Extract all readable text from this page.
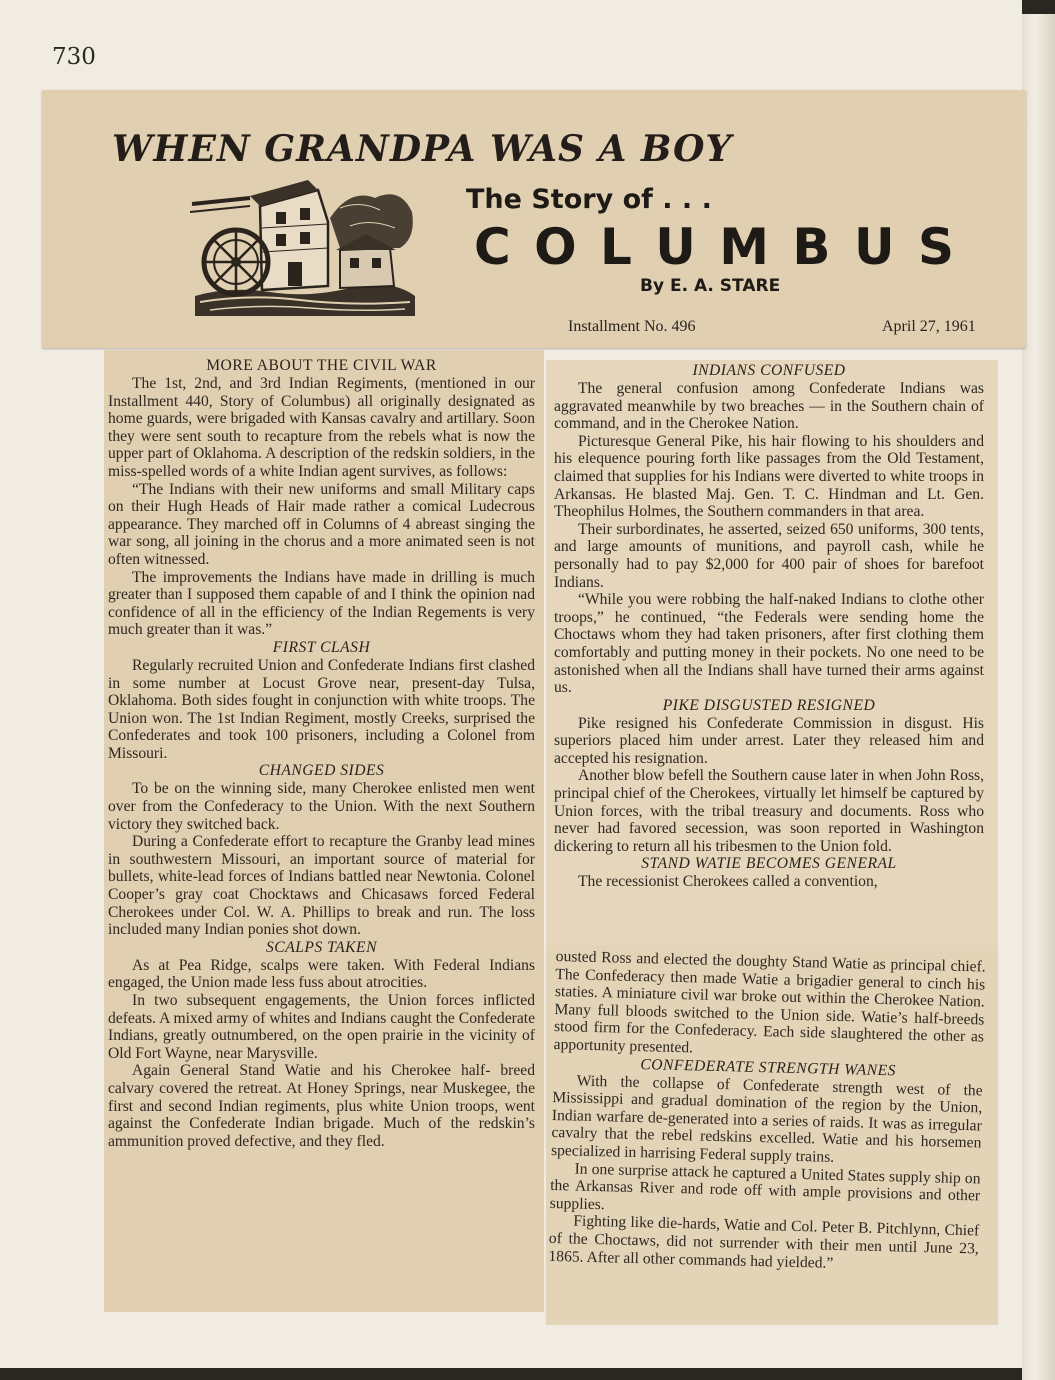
730
WHEN GRANDPA WAS A BOY
The Story of . . .
C O L U M B U S
By E. A. STARE
Installment No. 496	April 27, 1961
MORE ABOUT THE CIVIL WAR

The 1st, 2nd, and 3rd Indian Regiments, (mentioned in our Installment 440, Story of Columbus) all originally designated as home guards, were brigaded with Kansas cavalry and artillary. Soon they were sent south to recapture from the rebels what is now the upper part of Oklahoma. A description of the redskin soldiers, in the miss-spelled words of a white Indian agent survives, as follows:

“The Indians with their new uniforms and small Military caps on their Hugh Heads of Hair made rather a comical Ludecrous appearance. They marched off in Columns of 4 abreast singing the war song, all joining in the chorus and a more animated seen is not often witnessed.

The improvements the Indians have made in drilling is much greater than I supposed them capable of and I think the opinion nad confidence of all in the efficiency of the Indian Regements is very much greater than it was.”

FIRST CLASH

Regularly recruited Union and Confederate Indians first clashed in some number at Locust Grove near, present-day Tulsa, Oklahoma. Both sides fought in conjunction with white troops. The Union won. The 1st Indian Regiment, mostly Creeks, surprised the Confederates and took 100 prisoners, including a Colonel from Missouri.

CHANGED SIDES

To be on the winning side, many Cherokee enlisted men went over from the Confederacy to the Union. With the next Southern victory they switched back.

During a Confederate effort to recapture the Granby lead mines in southwestern Missouri, an important source of material for bullets, white-lead forces of Indians battled near Newtonia. Colonel Cooper’s gray coat Chocktaws and Chicasaws forced Federal Cherokees under Col. W. A. Phillips to break and run. The loss included many Indian ponies shot down.

SCALPS TAKEN

As at Pea Ridge, scalps were taken. With Federal Indians engaged, the Union made less fuss about atrocities.

In two subsequent engagements, the Union forces inflicted defeats. A mixed army of whites and Indians caught the Confederate Indians, greatly outnumbered, on the open prairie in the vicinity of Old Fort Wayne, near Marysville.

Again General Stand Watie and his Cherokee half- breed calvary covered the retreat. At Honey Springs, near Muskegee, the first and second Indian regiments, plus white Union troops, went against the Confederate Indian brigade. Much of the redskin’s ammunition proved defective, and they fled.

INDIANS CONFUSED

The general confusion among Confederate Indians was aggravated meanwhile by two breaches — in the Southern chain of command, and in the Cherokee Nation.

Picturesque General Pike, his hair flowing to his shoulders and his elequence pouring forth like passages from the Old Testament, claimed that supplies for his Indians were diverted to white troops in Arkansas. He blasted Maj. Gen. T. C. Hindman and Lt. Gen. Theophilus Holmes, the Southern commanders in that area.

Their surbordinates, he asserted, seized 650 uniforms, 300 tents, and large amounts of munitions, and payroll cash, while he personally had to pay $2,000 for 400 pair of shoes for barefoot Indians.

“While you were robbing the half-naked Indians to clothe other troops,” he continued, “the Federals were sending home the Choctaws whom they had taken prisoners, after first clothing them comfortably and putting money in their pockets. No one need to be astonished when all the Indians shall have turned their arms against us.

PIKE DISGUSTED RESIGNED

Pike resigned his Confederate Commission in disgust. His superiors placed him under arrest. Later they released him and accepted his resignation.

Another blow befell the Southern cause later in when John Ross, principal chief of the Cherokees, virtually let himself be captured by Union forces, with the tribal treasury and documents. Ross who never had favored secession, was soon reported in Washington dickering to return all his tribesmen to the Union fold.

STAND WATIE BECOMES GENERAL

The recessionist Cherokees called a convention,

ousted Ross and elected the doughty Stand Watie as principal chief. The Confederacy then made Watie a brigadier general to cinch his staties. A miniature civil war broke out within the Cherokee Nation. Many full bloods switched to the Union side. Watie’s half-breeds stood firm for the Confederacy. Each side slaughtered the other as apportunity presented.

CONFEDERATE STRENGTH WANES

With the collapse of Confederate strength west of the Mississippi and gradual domination of the region by the Union, Indian warfare de-generated into a series of raids. It was as irregular cavalry that the rebel redskins excelled. Watie and his horsemen specialized in harrising Federal supply trains.

In one surprise attack he captured a United States supply ship on the Arkansas River and rode off with ample provisions and other supplies.

Fighting like die-hards, Watie and Col. Peter B. Pitchlynn, Chief of the Choctaws, did not surrender with their men until June 23, 1865. After all other commands had yielded.”
